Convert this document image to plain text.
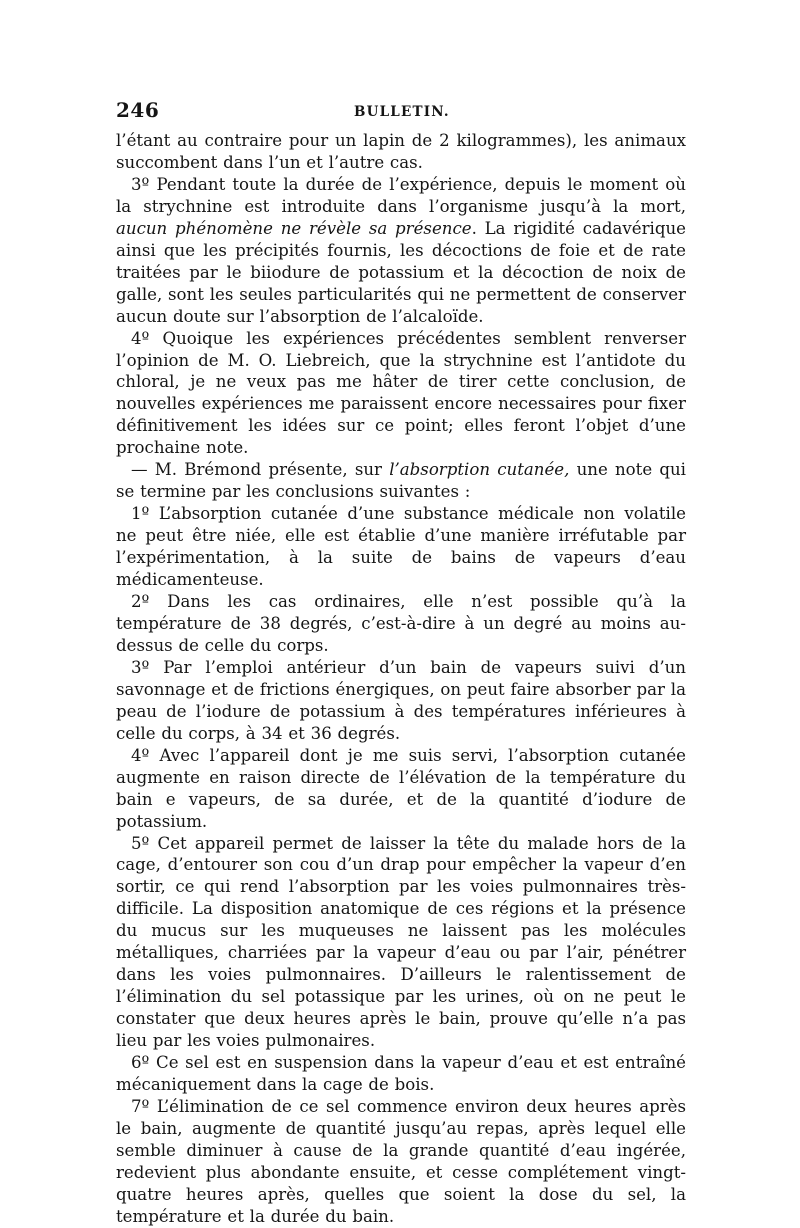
246	BULLETIN.

l’étant au contraire pour un lapin de 2 kilogrammes), les animaux succombent dans l’un et l’autre cas.

3º Pendant toute la durée de l’expérience, depuis le moment où la strychnine est introduite dans l’organisme jusqu’à la mort, aucun phénomène ne révèle sa présence. La rigidité cadavérique ainsi que les précipités fournis, les décoctions de foie et de rate traitées par le biiodure de potassium et la décoction de noix de galle, sont les seules particularités qui ne permettent de conserver aucun doute sur l’absorption de l’alcaloïde.

4º Quoique les expériences précédentes semblent renverser l’opinion de M. O. Liebreich, que la strychnine est l’antidote du chloral, je ne veux pas me hâter de tirer cette conclusion, de nouvelles expériences me paraissent encore necessaires pour fixer définitivement les idées sur ce point; elles feront l’objet d’une prochaine note.

— M. Brémond présente, sur l’absorption cutanée, une note qui se termine par les conclusions suivantes :

1º L’absorption cutanée d’une substance médicale non volatile ne peut être niée, elle est établie d’une manière irréfutable par l’expérimentation, à la suite de bains de vapeurs d’eau médicamenteuse.

2º Dans les cas ordinaires, elle n’est possible qu’à la température de 38 degrés, c’est-à-dire à un degré au moins au-dessus de celle du corps.

3º Par l’emploi antérieur d’un bain de vapeurs suivi d’un savonnage et de frictions énergiques, on peut faire absorber par la peau de l’iodure de potassium à des températures inférieures à celle du corps, à 34 et 36 degrés.

4º Avec l’appareil dont je me suis servi, l’absorption cutanée augmente en raison directe de l’élévation de la température du bain e vapeurs, de sa durée, et de la quantité d’iodure de potassium.

5º Cet appareil permet de laisser la tête du malade hors de la cage, d’entourer son cou d’un drap pour empêcher la vapeur d’en sortir, ce qui rend l’absorption par les voies pulmonnaires très-difficile. La disposition anatomique de ces régions et la présence du mucus sur les muqueuses ne laissent pas les molécules métalliques, charriées par la vapeur d’eau ou par l’air, pénétrer dans les voies pulmonnaires. D’ailleurs le ralentissement de l’élimination du sel potassique par les urines, où on ne peut le constater que deux heures après le bain, prouve qu’elle n’a pas lieu par les voies pulmonaires.

6º Ce sel est en suspension dans la vapeur d’eau et est entraîné mécaniquement dans la cage de bois.

7º L’élimination de ce sel commence environ deux heures après le bain, augmente de quantité jusqu’au repas, après lequel elle semble diminuer à cause de la grande quantité d’eau ingérée, redevient plus abondante ensuite, et cesse complétement vingt-quatre heures après, quelles que soient la dose du sel, la température et la durée du bain.
